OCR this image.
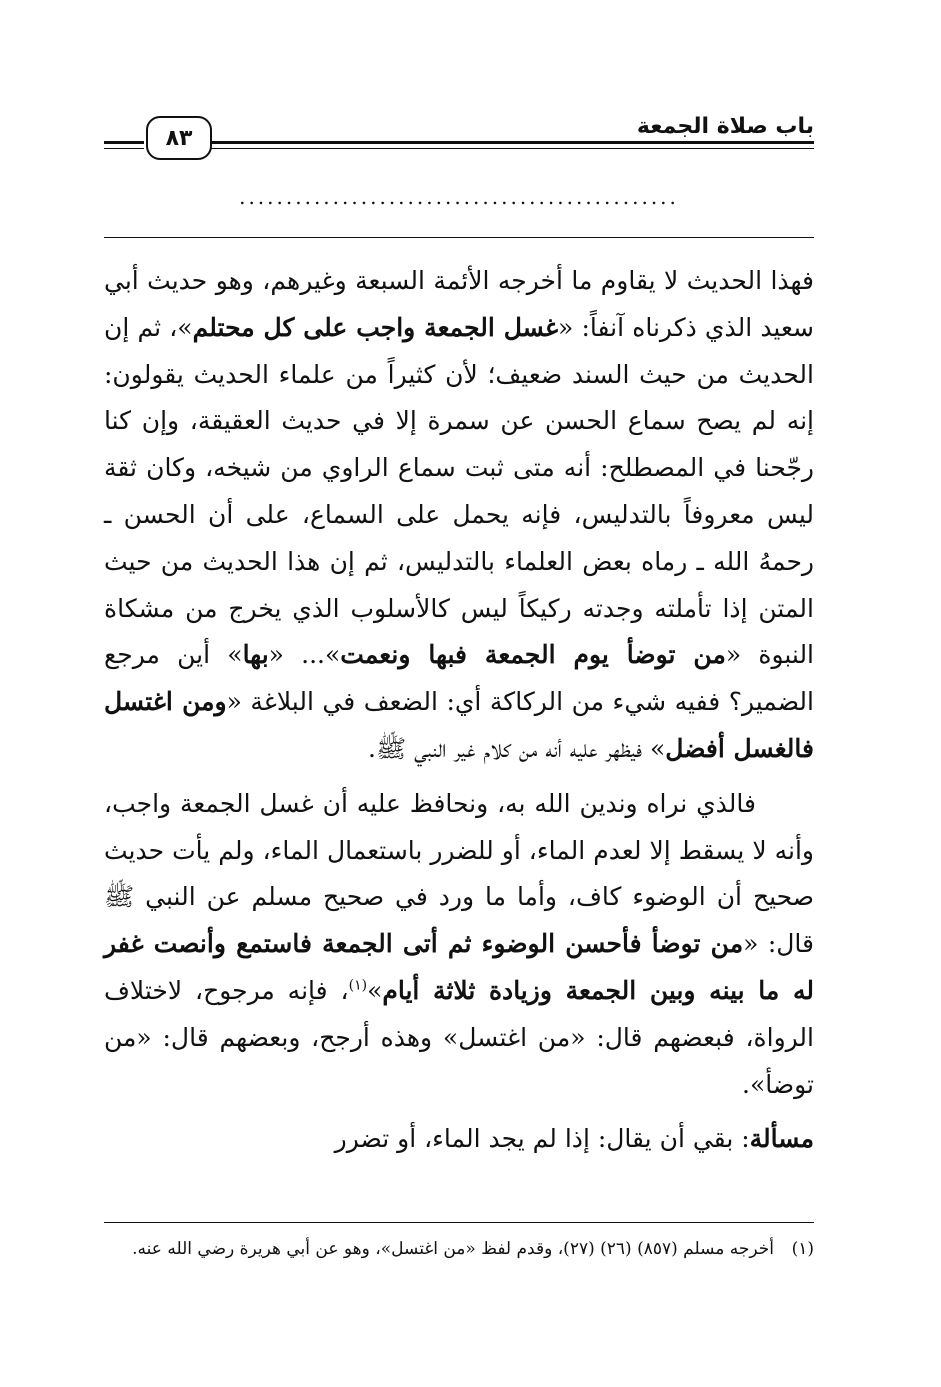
باب صلاة الجمعة
٨٣
...............................................

فهذا الحديث لا يقاوم ما أخرجه الأئمة السبعة وغيرهم، وهو حديث أبي سعيد الذي ذكرناه آنفاً: «غسل الجمعة واجب على كل محتلم»، ثم إن الحديث من حيث السند ضعيف؛ لأن كثيراً من علماء الحديث يقولون: إنه لم يصح سماع الحسن عن سمرة إلا في حديث العقيقة، وإن كنا رجّحنا في المصطلح: أنه متى ثبت سماع الراوي من شيخه، وكان ثقة ليس معروفاً بالتدليس، فإنه يحمل على السماع، على أن الحسن ـ رحمهُ الله ـ رماه بعض العلماء بالتدليس، ثم إن هذا الحديث من حيث المتن إذا تأملته وجدته ركيكاً ليس كالأسلوب الذي يخرج من مشكاة النبوة «من توضأ يوم الجمعة فبها ونعمت»... «بها» أين مرجع الضمير؟ ففيه شيء من الركاكة أي: الضعف في البلاغة «ومن اغتسل فالغسل أفضل» فيظهر عليه أنه من كلام غير النبي ﷺ.

فالذي نراه وندين الله به، ونحافظ عليه أن غسل الجمعة واجب، وأنه لا يسقط إلا لعدم الماء، أو للضرر باستعمال الماء، ولم يأت حديث صحيح أن الوضوء كاف، وأما ما ورد في صحيح مسلم عن النبي ﷺ قال: «من توضأ فأحسن الوضوء ثم أتى الجمعة فاستمع وأنصت غفر له ما بينه وبين الجمعة وزيادة ثلاثة أيام»$^{(١)}$، فإنه مرجوح، لاختلاف الرواة، فبعضهم قال: «من اغتسل» وهذه أرجح، وبعضهم قال: «من توضأ».

مسألة: بقي أن يقال: إذا لم يجد الماء، أو تضرر

(١)أخرجه مسلم (٨٥٧) (٢٦) (٢٧)، وقدم لفظ «من اغتسل»، وهو عن أبي هريرة رضي الله عنه.
